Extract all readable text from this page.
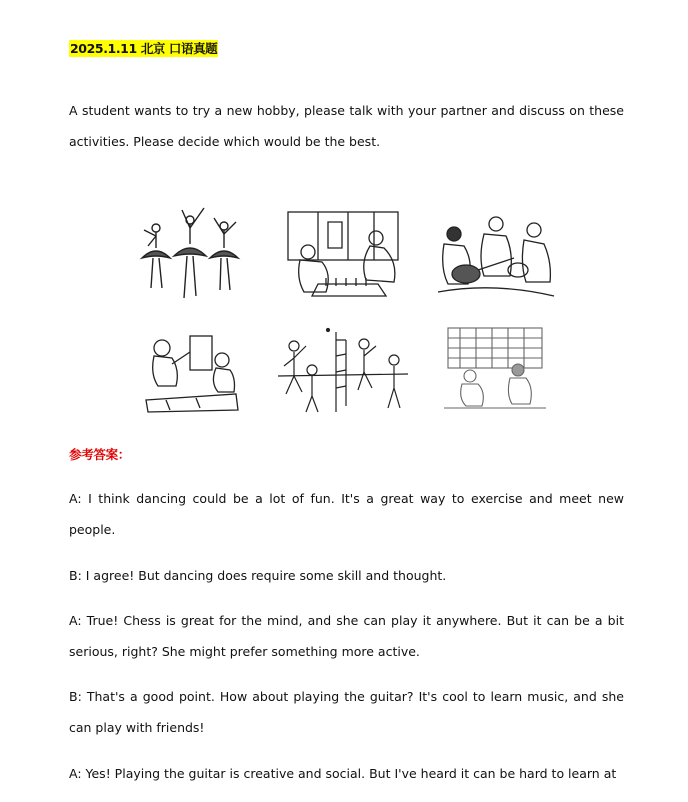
2025.1.11 北京 口语真题

A student wants to try a new hobby, please talk with your partner and discuss on these activities. Please decide which would be the best.

参考答案：

A: I think dancing could be a lot of fun. It's a great way to exercise and meet new people.

B: I agree! But dancing does require some skill and thought.

A: True! Chess is great for the mind, and she can play it anywhere. But it can be a bit serious, right? She might prefer something more active.

B: That's a good point. How about playing the guitar? It's cool to learn music, and she can play with friends!

A: Yes! Playing the guitar is creative and social. But I've heard it can be hard to learn at
